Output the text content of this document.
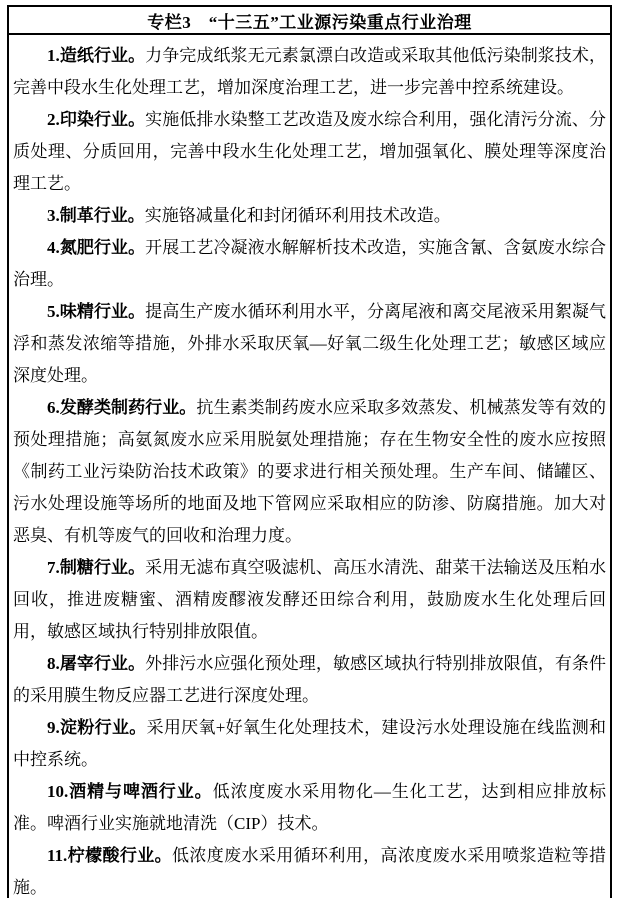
专栏3　“十三五”工业源污染重点行业治理

1.造纸行业。力争完成纸浆无元素氯漂白改造或采取其他低污染制浆技术，完善中段水生化处理工艺，增加深度治理工艺，进一步完善中控系统建设。

2.印染行业。实施低排水染整工艺改造及废水综合利用，强化清污分流、分质处理、分质回用，完善中段水生化处理工艺，增加强氧化、膜处理等深度治理工艺。

3.制革行业。实施铬减量化和封闭循环利用技术改造。

4.氮肥行业。开展工艺冷凝液水解解析技术改造，实施含氰、含氨废水综合治理。

5.味精行业。提高生产废水循环利用水平，分离尾液和离交尾液采用絮凝气浮和蒸发浓缩等措施，外排水采取厌氧—好氧二级生化处理工艺；敏感区域应深度处理。

6.发酵类制药行业。抗生素类制药废水应采取多效蒸发、机械蒸发等有效的预处理措施；高氨氮废水应采用脱氨处理措施；存在生物安全性的废水应按照《制药工业污染防治技术政策》的要求进行相关预处理。生产车间、储罐区、污水处理设施等场所的地面及地下管网应采取相应的防渗、防腐措施。加大对恶臭、有机等废气的回收和治理力度。

7.制糖行业。采用无滤布真空吸滤机、高压水清洗、甜菜干法输送及压粕水回收，推进废糖蜜、酒精废醪液发酵还田综合利用，鼓励废水生化处理后回用，敏感区域执行特别排放限值。

8.屠宰行业。外排污水应强化预处理，敏感区域执行特别排放限值，有条件的采用膜生物反应器工艺进行深度处理。

9.淀粉行业。采用厌氧+好氧生化处理技术，建设污水处理设施在线监测和中控系统。

10.酒精与啤酒行业。低浓度废水采用物化—生化工艺，达到相应排放标准。啤酒行业实施就地清洗（CIP）技术。

11.柠檬酸行业。低浓度废水采用循环利用，高浓度废水采用喷浆造粒等措施。
